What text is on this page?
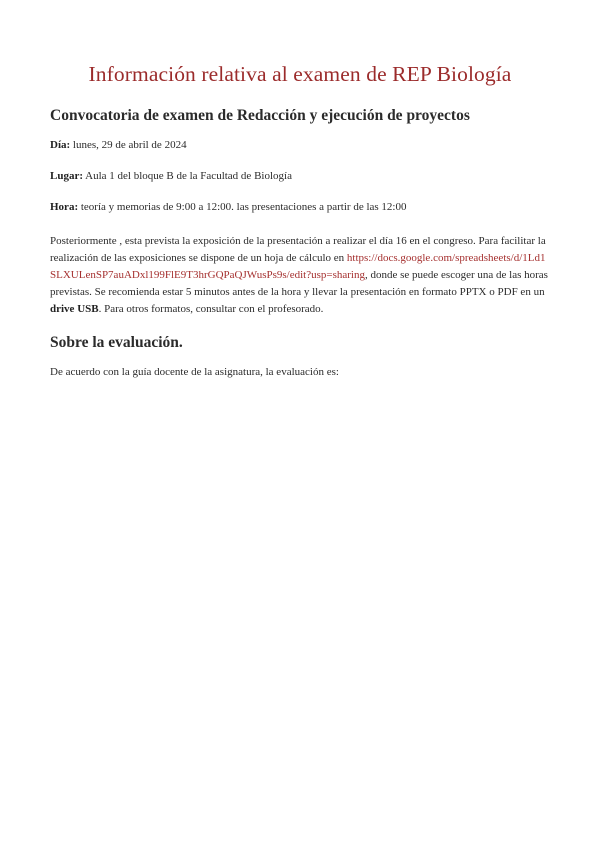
Información relativa al examen de REP Biología
Convocatoria de examen de Redacción y ejecución de proyectos

Día: lunes, 29 de abril de 2024

Lugar: Aula 1 del bloque B de la Facultad de Biología

Hora: teoría y memorias de 9:00 a 12:00. las presentaciones a partir de las 12:00

Posteriormente , esta prevista la exposición de la presentación a realizar el día 16 en el congreso. Para facilitar la realización de las exposiciones se dispone de un hoja de cálculo en https://docs.google.com/spreadsheets/d/1Ld1SLXULenSP7auADxl199FlE9T3hrGQPaQJWusPs9s/edit?usp=sharing, donde se puede escoger una de las horas previstas. Se recomienda estar 5 minutos antes de la hora y llevar la presentación en formato PPTX o PDF en un drive USB. Para otros formatos, consultar con el profesorado.

Sobre la evaluación.

De acuerdo con la guía docente de la asignatura, la evaluación es:
